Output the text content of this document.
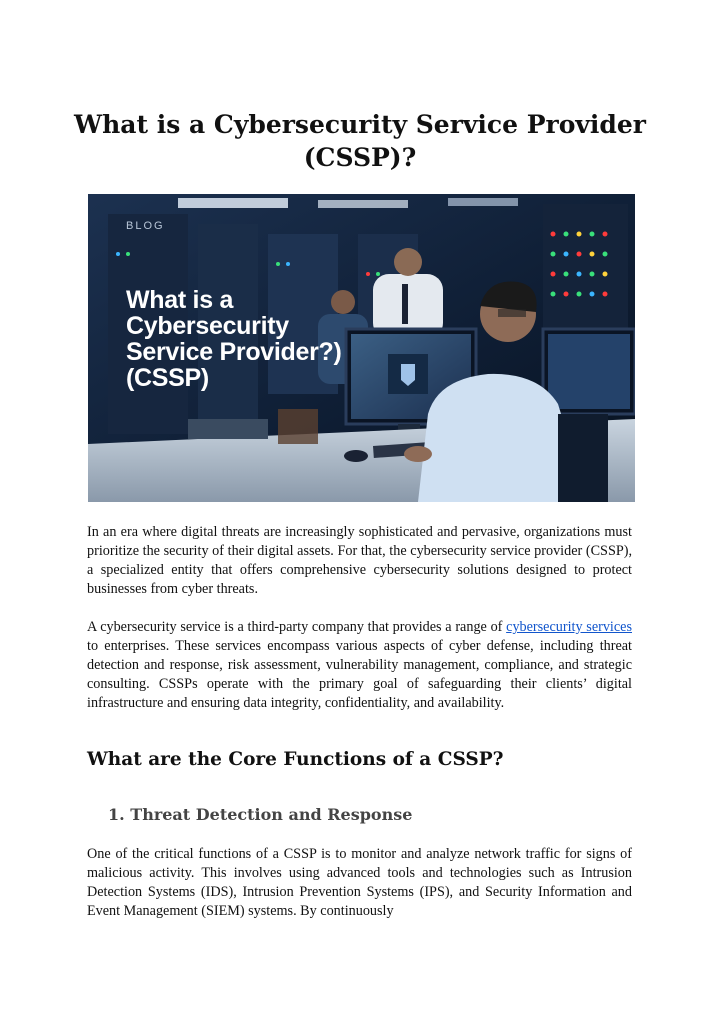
What is a Cybersecurity Service Provider (CSSP)?
BLOG
What is a
Cybersecurity
Service Provider?)
(CSSP)
In an era where digital threats are increasingly sophisticated and pervasive, organizations must prioritize the security of their digital assets. For that, the cybersecurity service provider (CSSP), a specialized entity that offers comprehensive cybersecurity solutions designed to protect businesses from cyber threats.
A cybersecurity service is a third-party company that provides a range of cybersecurity services to enterprises. These services encompass various aspects of cyber defense, including threat detection and response, risk assessment, vulnerability management, compliance, and strategic consulting. CSSPs operate with the primary goal of safeguarding their clients’ digital infrastructure and ensuring data integrity, confidentiality, and availability.
What are the Core Functions of a CSSP?
1. Threat Detection and Response
One of the critical functions of a CSSP is to monitor and analyze network traffic for signs of malicious activity. This involves using advanced tools and technologies such as Intrusion Detection Systems (IDS), Intrusion Prevention Systems (IPS), and Security Information and Event Management (SIEM) systems. By continuously
